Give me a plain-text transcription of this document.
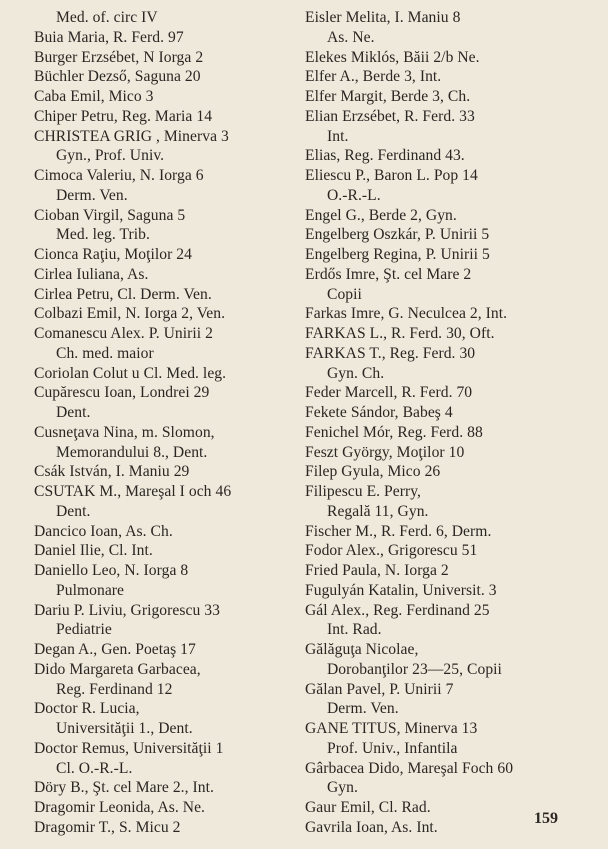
Med. of. circ IV
Buia Maria, R. Ferd. 97
Burger Erzsébet, N Iorga 2
Büchler Dezső, Saguna 20
Caba Emil, Mico 3
Chiper Petru, Reg. Maria 14
CHRISTEA GRIG , Minerva 3
Gyn., Prof. Univ.
Cimoca Valeriu, N. Iorga 6
Derm. Ven.
Cioban Virgil, Saguna 5
Med. leg. Trib.
Cionca Raţiu, Moţilor 24
Cirlea Iuliana, As.
Cirlea Petru, Cl. Derm. Ven.
Colbazi Emil, N. Iorga 2, Ven.
Comanescu Alex. P. Unirii 2
Ch. med. maior
Coriolan Colut u Cl. Med. leg.
Cupărescu Ioan, Londrei 29
Dent.
Cusneţava Nina, m. Slomon,
Memorandului 8., Dent.
Csák István, I. Maniu 29
CSUTAK M., Mareşal I och 46
Dent.
Dancico Ioan, As. Ch.
Daniel Ilie, Cl. Int.
Daniello Leo, N. Iorga 8
Pulmonare
Dariu P. Liviu, Grigorescu 33
Pediatrie
Degan A., Gen. Poetaş 17
Dido Margareta Garbacea,
Reg. Ferdinand 12
Doctor R. Lucia,
Universităţii 1., Dent.
Doctor Remus, Universităţii 1
Cl. O.-R.-L.
Döry B., Şt. cel Mare 2., Int.
Dragomir Leonida, As. Ne.
Dragomir T., S. Micu 2
Eisler Melita, I. Maniu 8
As. Ne.
Elekes Miklós, Băii 2/b Ne.
Elfer A., Berde 3, Int.
Elfer Margit, Berde 3, Ch.
Elian Erzsébet, R. Ferd. 33
Int.
Elias, Reg. Ferdinand 43.
Eliescu P., Baron L. Pop 14
O.-R.-L.
Engel G., Berde 2, Gyn.
Engelberg Oszkár, P. Unirii 5
Engelberg Regina, P. Unirii 5
Erdős Imre, Şt. cel Mare 2
Copii
Farkas Imre, G. Neculcea 2, Int.
FARKAS L., R. Ferd. 30, Oft.
FARKAS T., Reg. Ferd. 30
Gyn. Ch.
Feder Marcell, R. Ferd. 70
Fekete Sándor, Babeş 4
Fenichel Mór, Reg. Ferd. 88
Feszt György, Moţilor 10
Filep Gyula, Mico 26
Filipescu E. Perry,
Regală 11, Gyn.
Fischer M., R. Ferd. 6, Derm.
Fodor Alex., Grigorescu 51
Fried Paula, N. Iorga 2
Fugulyán Katalin, Universit. 3
Gál Alex., Reg. Ferdinand 25
Int. Rad.
Gălăguţa Nicolae,
Dorobanţilor 23—25, Copii
Gălan Pavel, P. Unirii 7
Derm. Ven.
GANE TITUS, Minerva 13
Prof. Univ., Infantila
Gârbacea Dido, Mareşal Foch 60
Gyn.
Gaur Emil, Cl. Rad.
Gavrila Ioan, As. Int.
159
